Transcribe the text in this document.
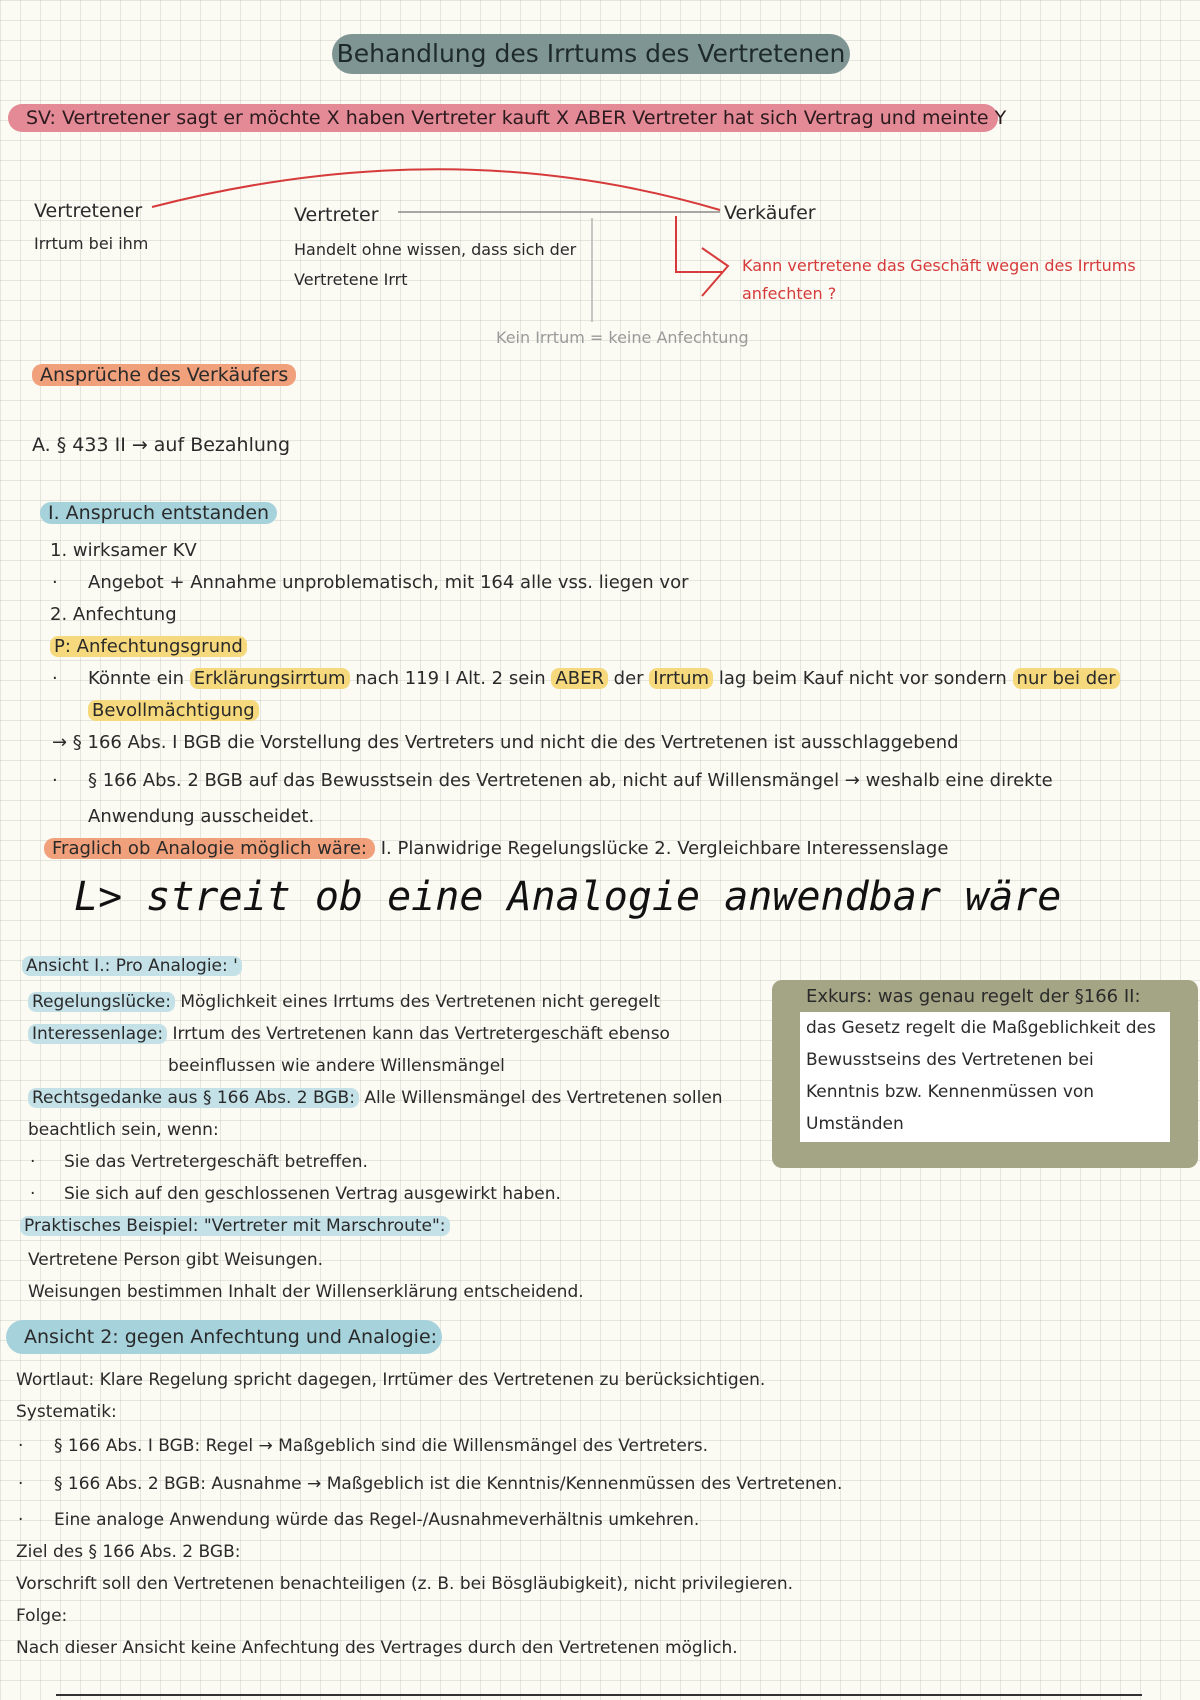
Behandlung des Irrtums des Vertretenen
SV: Vertretener sagt er möchte X haben Vertreter kauft X ABER Vertreter hat sich Vertrag und meinte Y
Vertretener
Irrtum bei ihm
Vertreter
Handelt ohne wissen, dass sich der
Vertretene Irrt
Verkäufer
Kann vertretene das Geschäft wegen des Irrtums
anfechten ?
Kein Irrtum = keine Anfechtung
Ansprüche des Verkäufers
A. § 433 II → auf Bezahlung
I. Anspruch entstanden
1. wirksamer KV
· Angebot + Annahme unproblematisch, mit 164 alle vss. liegen vor
2. Anfechtung
P: Anfechtungsgrund
· Könnte ein Erklärungsirrtum nach 119 I Alt. 2 sein ABER der Irrtum lag beim Kauf nicht vor sondern nur bei der
Bevollmächtigung
→ § 166 Abs. I BGB die Vorstellung des Vertreters und nicht die des Vertretenen ist ausschlaggebend
· § 166 Abs. 2 BGB auf das Bewusstsein des Vertretenen ab, nicht auf Willensmängel → weshalb eine direkte
Anwendung ausscheidet.
Fraglich ob Analogie möglich wäre: I. Planwidrige Regelungslücke 2. Vergleichbare Interessenslage
L> streit ob eine Analogie anwendbar wäre
Ansicht I.: Pro Analogie: '
Regelungslücke: Möglichkeit eines Irrtums des Vertretenen nicht geregelt
Interessenlage: Irrtum des Vertretenen kann das Vertretergeschäft ebenso
beeinflussen wie andere Willensmängel
Rechtsgedanke aus § 166 Abs. 2 BGB: Alle Willensmängel des Vertretenen sollen
beachtlich sein, wenn:
· Sie das Vertretergeschäft betreffen.
· Sie sich auf den geschlossenen Vertrag ausgewirkt haben.
Praktisches Beispiel: "Vertreter mit Marschroute":
Vertretene Person gibt Weisungen.
Weisungen bestimmen Inhalt der Willenserklärung entscheidend.
Exkurs: was genau regelt der §166 II:
das Gesetz regelt die Maßgeblichkeit des
Bewusstseins des Vertretenen bei
Kenntnis bzw. Kennenmüssen von
Umständen
Ansicht 2: gegen Anfechtung und Analogie:
Wortlaut: Klare Regelung spricht dagegen, Irrtümer des Vertretenen zu berücksichtigen.
Systematik:
· § 166 Abs. I BGB: Regel → Maßgeblich sind die Willensmängel des Vertreters.
· § 166 Abs. 2 BGB: Ausnahme → Maßgeblich ist die Kenntnis/Kennenmüssen des Vertretenen.
· Eine analoge Anwendung würde das Regel-/Ausnahmeverhältnis umkehren.
Ziel des § 166 Abs. 2 BGB:
Vorschrift soll den Vertretenen benachteiligen (z. B. bei Bösgläubigkeit), nicht privilegieren.
Folge:
Nach dieser Ansicht keine Anfechtung des Vertrages durch den Vertretenen möglich.
